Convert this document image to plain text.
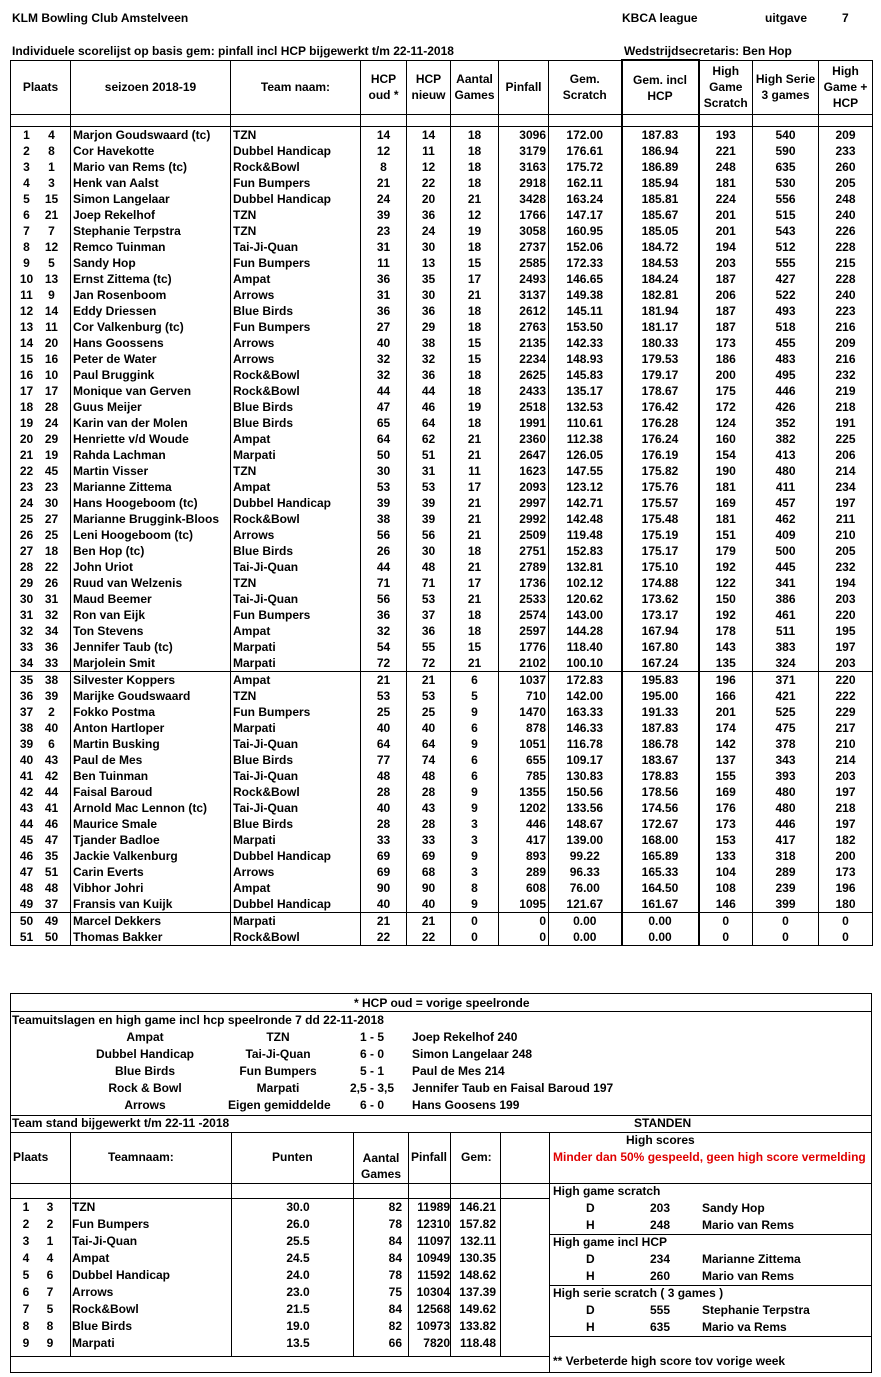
KLM Bowling Club Amstelveen	KBCA league	uitgave	7
Individuele scorelijst op basis gem: pinfall incl HCP bijgewerkt t/m 22-11-2018	Wedstrijdsecretaris: Ben Hop
Plaats	seizoen 2018-19	Team naam:	HCP oud *	HCP nieuw	Aantal Games	Pinfall	Gem. Scratch	Gem. incl HCP	High Game Scratch	High Serie 3 games	High Game + HCP

1 4	Marjon Goudswaard (tc)	TZN	14	14	18	3096	172.00	187.83	193	540	209
2 8	Cor Havekotte	Dubbel Handicap	12	11	18	3179	176.61	186.94	221	590	233
3 1	Mario van Rems (tc)	Rock&Bowl	8	12	18	3163	175.72	186.89	248	635	260
4 3	Henk van Aalst	Fun Bumpers	21	22	18	2918	162.11	185.94	181	530	205
5 15	Simon Langelaar	Dubbel Handicap	24	20	21	3428	163.24	185.81	224	556	248
6 21	Joep Rekelhof	TZN	39	36	12	1766	147.17	185.67	201	515	240
7 7	Stephanie Terpstra	TZN	23	24	19	3058	160.95	185.05	201	543	226
8 12	Remco Tuinman	Tai-Ji-Quan	31	30	18	2737	152.06	184.72	194	512	228
9 5	Sandy Hop	Fun Bumpers	11	13	15	2585	172.33	184.53	203	555	215
10 13	Ernst Zittema (tc)	Ampat	36	35	17	2493	146.65	184.24	187	427	228
11 9	Jan Rosenboom	Arrows	31	30	21	3137	149.38	182.81	206	522	240
12 14	Eddy Driessen	Blue Birds	36	36	18	2612	145.11	181.94	187	493	223
13 11	Cor Valkenburg (tc)	Fun Bumpers	27	29	18	2763	153.50	181.17	187	518	216
14 20	Hans Goossens	Arrows	40	38	15	2135	142.33	180.33	173	455	209
15 16	Peter de Water	Arrows	32	32	15	2234	148.93	179.53	186	483	216
16 10	Paul Bruggink	Rock&Bowl	32	36	18	2625	145.83	179.17	200	495	232
17 17	Monique van Gerven	Rock&Bowl	44	44	18	2433	135.17	178.67	175	446	219
18 28	Guus Meijer	Blue Birds	47	46	19	2518	132.53	176.42	172	426	218
19 24	Karin van der Molen	Blue Birds	65	64	18	1991	110.61	176.28	124	352	191
20 29	Henriette v/d Woude	Ampat	64	62	21	2360	112.38	176.24	160	382	225
21 19	Rahda Lachman	Marpati	50	51	21	2647	126.05	176.19	154	413	206
22 45	Martin Visser	TZN	30	31	11	1623	147.55	175.82	190	480	214
23 23	Marianne Zittema	Ampat	53	53	17	2093	123.12	175.76	181	411	234
24 30	Hans Hoogeboom (tc)	Dubbel Handicap	39	39	21	2997	142.71	175.57	169	457	197
25 27	Marianne Bruggink-Bloos	Rock&Bowl	38	39	21	2992	142.48	175.48	181	462	211
26 25	Leni Hoogeboom (tc)	Arrows	56	56	21	2509	119.48	175.19	151	409	210
27 18	Ben Hop (tc)	Blue Birds	26	30	18	2751	152.83	175.17	179	500	205
28 22	John Uriot	Tai-Ji-Quan	44	48	21	2789	132.81	175.10	192	445	232
29 26	Ruud van Welzenis	TZN	71	71	17	1736	102.12	174.88	122	341	194
30 31	Maud Beemer	Tai-Ji-Quan	56	53	21	2533	120.62	173.62	150	386	203
31 32	Ron van Eijk	Fun Bumpers	36	37	18	2574	143.00	173.17	192	461	220
32 34	Ton Stevens	Ampat	32	36	18	2597	144.28	167.94	178	511	195
33 36	Jennifer Taub (tc)	Marpati	54	55	15	1776	118.40	167.80	143	383	197
34 33	Marjolein Smit	Marpati	72	72	21	2102	100.10	167.24	135	324	203
35 38	Silvester Koppers	Ampat	21	21	6	1037	172.83	195.83	196	371	220
36 39	Marijke Goudswaard	TZN	53	53	5	710	142.00	195.00	166	421	222
37 2	Fokko Postma	Fun Bumpers	25	25	9	1470	163.33	191.33	201	525	229
38 40	Anton Hartloper	Marpati	40	40	6	878	146.33	187.83	174	475	217
39 6	Martin Busking	Tai-Ji-Quan	64	64	9	1051	116.78	186.78	142	378	210
40 43	Paul de Mes	Blue Birds	77	74	6	655	109.17	183.67	137	343	214
41 42	Ben Tuinman	Tai-Ji-Quan	48	48	6	785	130.83	178.83	155	393	203
42 44	Faisal Baroud	Rock&Bowl	28	28	9	1355	150.56	178.56	169	480	197
43 41	Arnold Mac Lennon (tc)	Tai-Ji-Quan	40	43	9	1202	133.56	174.56	176	480	218
44 46	Maurice Smale	Blue Birds	28	28	3	446	148.67	172.67	173	446	197
45 47	Tjander Badloe	Marpati	33	33	3	417	139.00	168.00	153	417	182
46 35	Jackie Valkenburg	Dubbel Handicap	69	69	9	893	99.22	165.89	133	318	200
47 51	Carin Everts	Arrows	69	68	3	289	96.33	165.33	104	289	173
48 48	Vibhor Johri	Ampat	90	90	8	608	76.00	164.50	108	239	196
49 37	Fransis van Kuijk	Dubbel Handicap	40	40	9	1095	121.67	161.67	146	399	180
50 49	Marcel Dekkers	Marpati	21	21	0	0	0.00	0.00	0	0	0
51 50	Thomas Bakker	Rock&Bowl	22	22	0	0	0.00	0.00	0	0	0
* HCP oud = vorige speelronde
Teamuitslagen en high game incl hcp speelronde 7 dd 22-11-2018
Ampat	TZN	1 - 5	Joep Rekelhof 240
Dubbel Handicap	Tai-Ji-Quan	6 - 0	Simon Langelaar 248
Blue Birds	Fun Bumpers	5 - 1	Paul de Mes 214
Rock & Bowl	Marpati	2,5 - 3,5	Jennifer Taub en Faisal Baroud 197
Arrows	Eigen gemiddelde	6 - 0	Hans Goosens 199
Team stand bijgewerkt t/m 22-11 -2018	STANDEN
Plaats	Teamnaam:	Punten	Aantal Games
Pinfall Gem:
1	3	TZN	30.0	82	11989 146.21
2	2	Fun Bumpers	26.0	78	12310 157.82
3	1	Tai-Ji-Quan	25.5	84	11097 132.11
4	4	Ampat	24.5	84	10949 130.35
5	6	Dubbel Handicap	24.0	78	11592 148.62
6	7	Arrows	23.0	75	10304 137.39
7	5	Rock&Bowl	21.5	84	12568 149.62
8	8	Blue Birds	19.0	82	10973 133.82
9	9	Marpati	13.5	66	7820 118.48
High scores
Minder dan 50% gespeeld, geen high score vermelding
High game scratch
D	203	Sandy Hop
H	248	Mario van Rems
High game incl HCP
D	234	Marianne Zittema
H	260	Mario van Rems
High serie scratch ( 3 games )
D	555	Stephanie Terpstra
H	635	Mario va Rems
** Verbeterde high score tov vorige week
